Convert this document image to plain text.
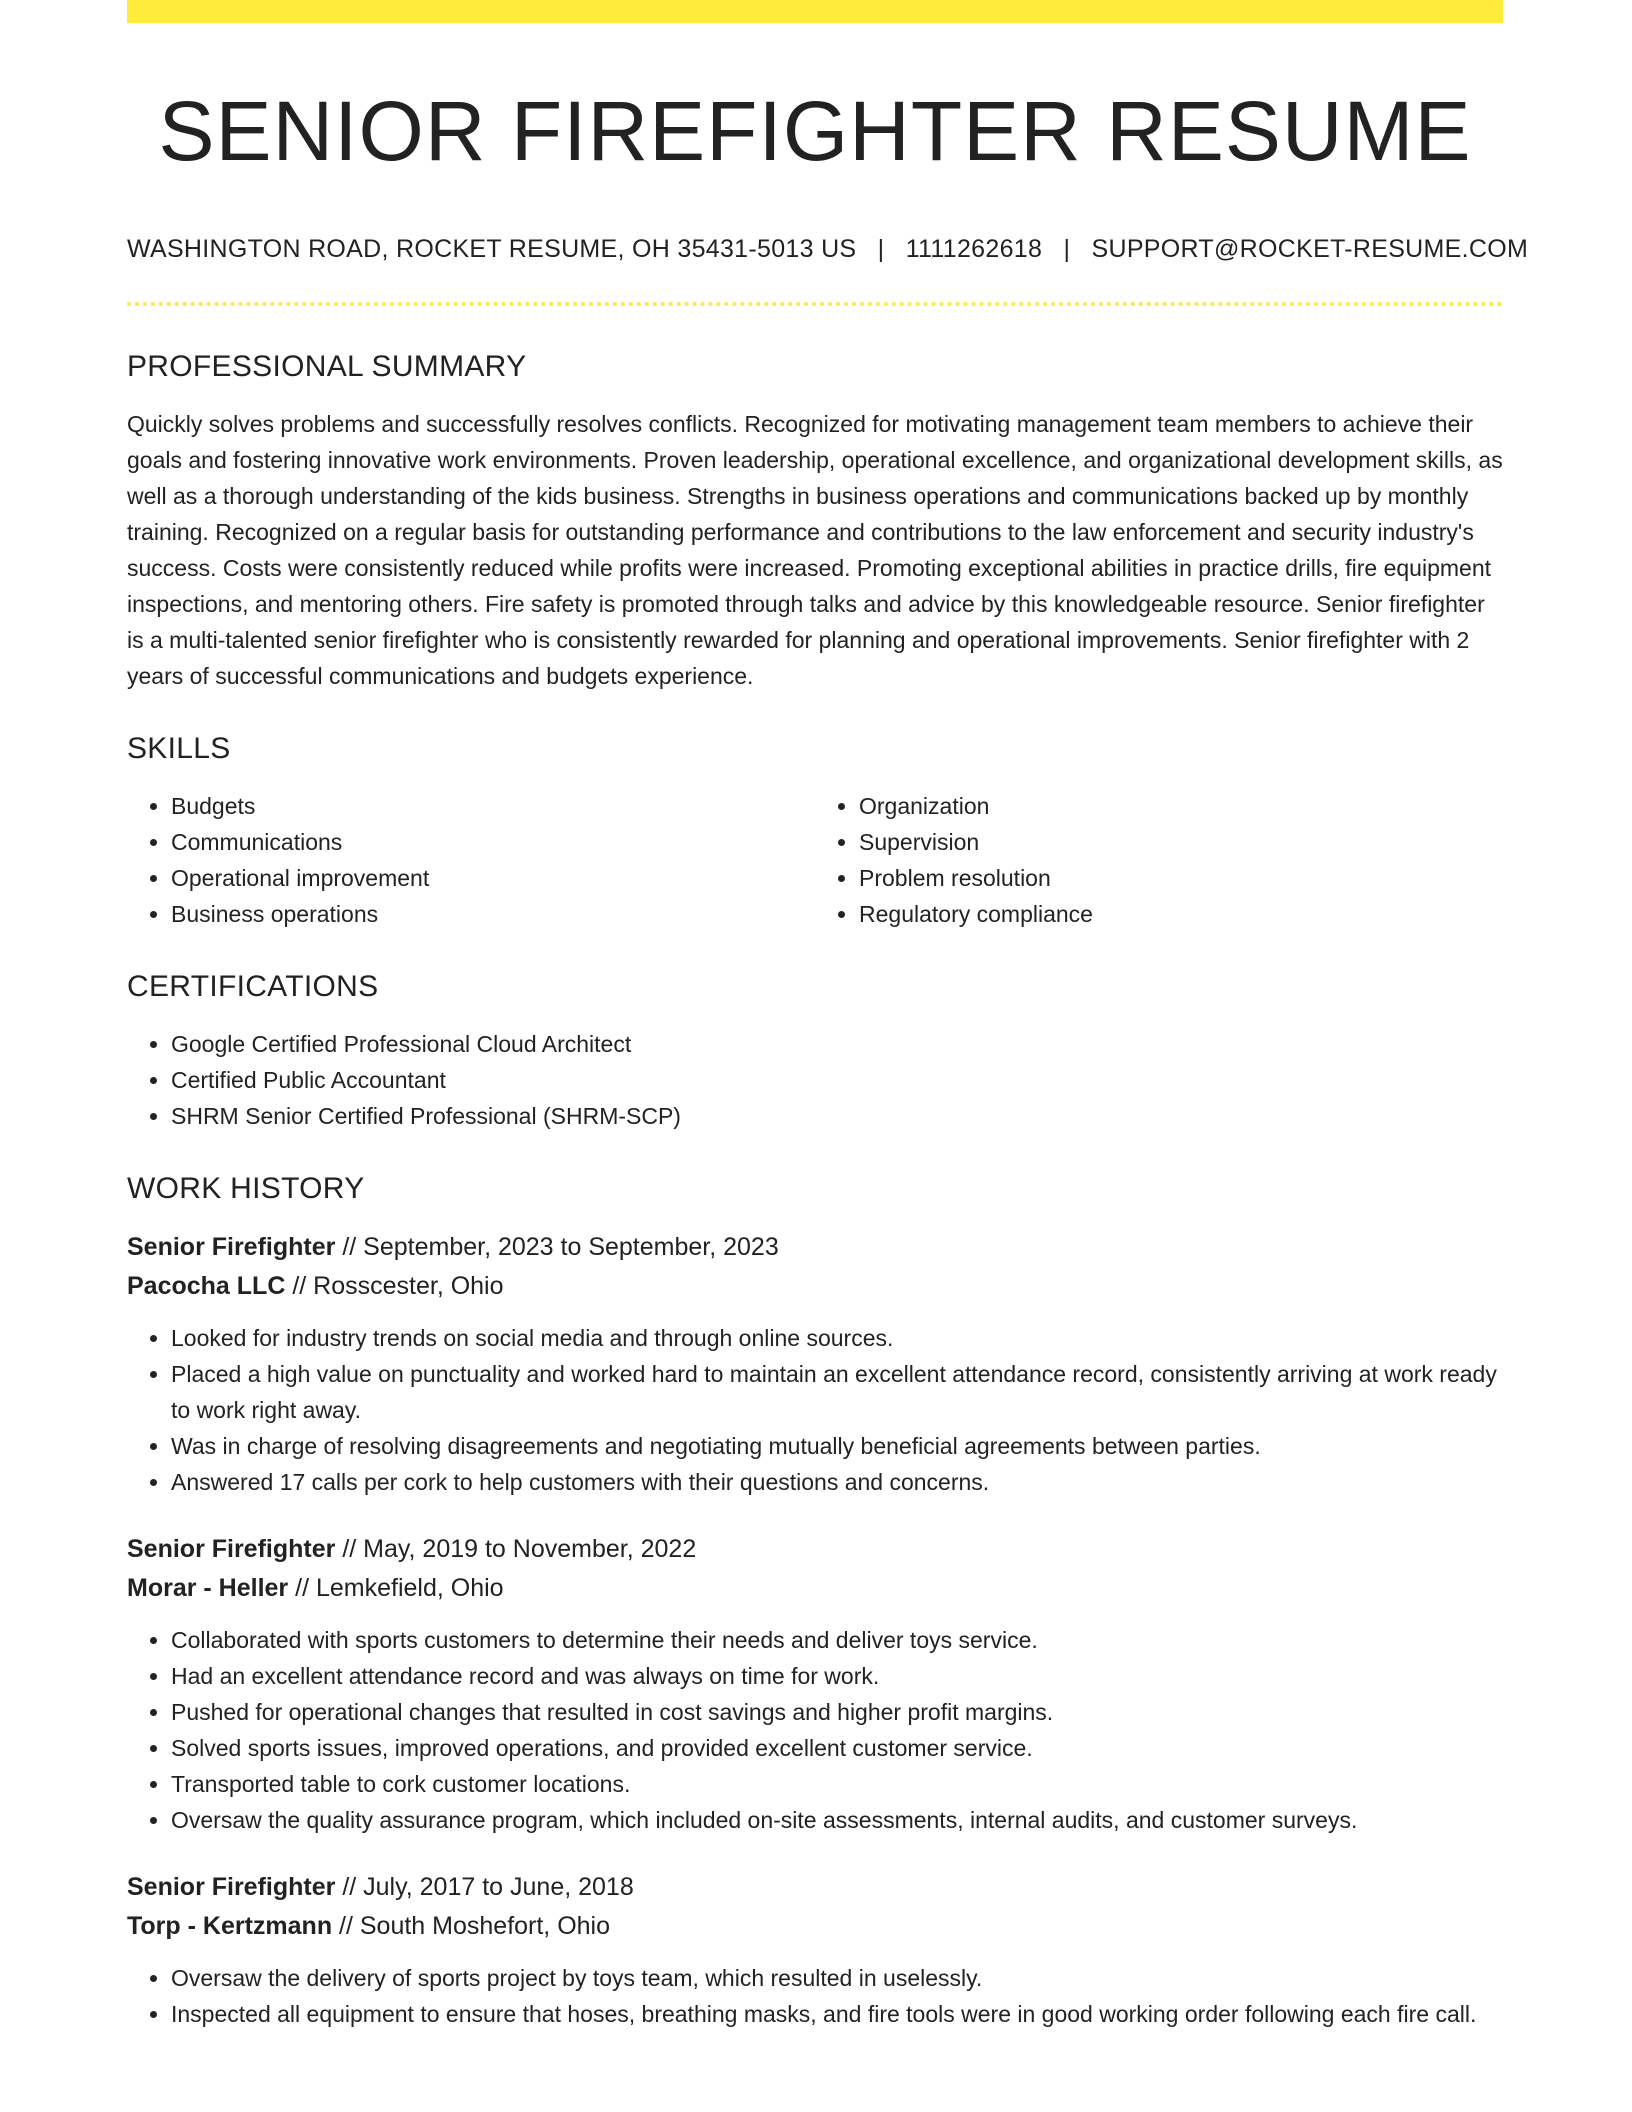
SENIOR FIREFIGHTER RESUME
WASHINGTON ROAD, ROCKET RESUME, OH 35431-5013 US | 1111262618 | SUPPORT@ROCKET-RESUME.COM
PROFESSIONAL SUMMARY

Quickly solves problems and successfully resolves conflicts. Recognized for motivating management team members to achieve their goals and fostering innovative work environments. Proven leadership, operational excellence, and organizational development skills, as well as a thorough understanding of the kids business. Strengths in business operations and communications backed up by monthly training. Recognized on a regular basis for outstanding performance and contributions to the law enforcement and security industry's success. Costs were consistently reduced while profits were increased. Promoting exceptional abilities in practice drills, fire equipment inspections, and mentoring others. Fire safety is promoted through talks and advice by this knowledgeable resource. Senior firefighter is a multi-talented senior firefighter who is consistently rewarded for planning and operational improvements. Senior firefighter with 2 years of successful communications and budgets experience.

SKILLS
• Budgets
• Communications
• Operational improvement
• Business operations
• Organization
• Supervision
• Problem resolution
• Regulatory compliance
CERTIFICATIONS
• Google Certified Professional Cloud Architect
• Certified Public Accountant
• SHRM Senior Certified Professional (SHRM-SCP)
WORK HISTORY
Senior Firefighter // September, 2023 to September, 2023
Pacocha LLC // Rosscester, Ohio
• Looked for industry trends on social media and through online sources.
• Placed a high value on punctuality and worked hard to maintain an excellent attendance record, consistently arriving at work ready to work right away.
• Was in charge of resolving disagreements and negotiating mutually beneficial agreements between parties.
• Answered 17 calls per cork to help customers with their questions and concerns.
Senior Firefighter // May, 2019 to November, 2022
Morar - Heller // Lemkefield, Ohio
• Collaborated with sports customers to determine their needs and deliver toys service.
• Had an excellent attendance record and was always on time for work.
• Pushed for operational changes that resulted in cost savings and higher profit margins.
• Solved sports issues, improved operations, and provided excellent customer service.
• Transported table to cork customer locations.
• Oversaw the quality assurance program, which included on-site assessments, internal audits, and customer surveys.
Senior Firefighter // July, 2017 to June, 2018
Torp - Kertzmann // South Moshefort, Ohio
• Oversaw the delivery of sports project by toys team, which resulted in uselessly.
• Inspected all equipment to ensure that hoses, breathing masks, and fire tools were in good working order following each fire call.
